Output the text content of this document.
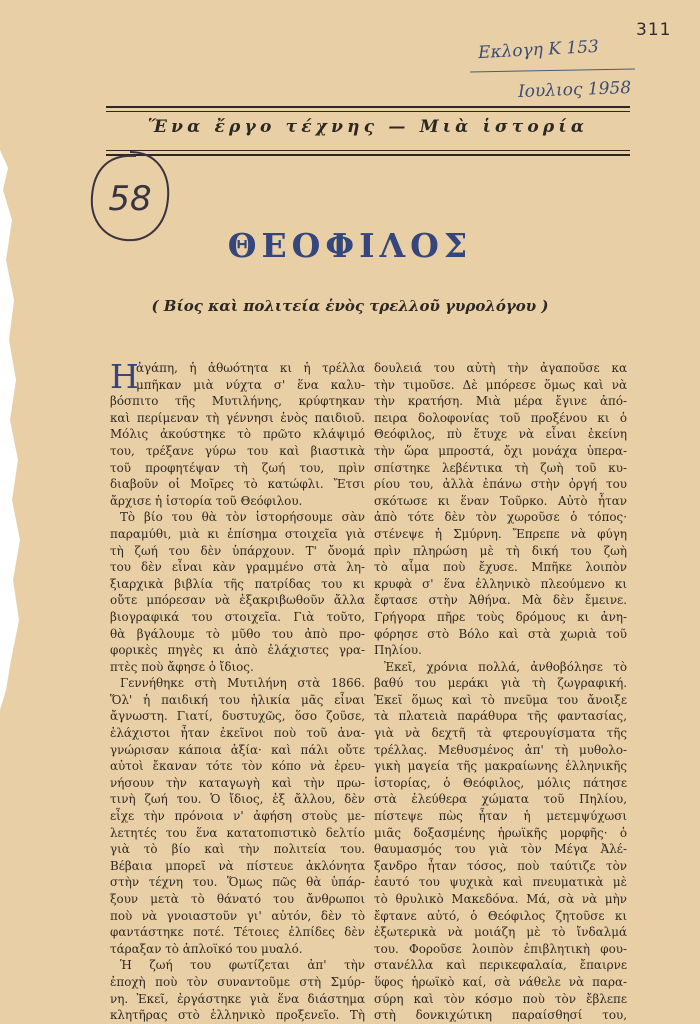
311
Εκλογη Κ 153
Ιουλιος 1958
Ἕνα ἔργο τέχνης — Μιὰ ἱστορία
58
ΘΕΟΦΙΛΟΣ
( Βίος καὶ πολιτεία ἑνὸς τρελλοῦ γυρολόγου )
Η
ἀγάπη, ἡ ἀθωότητα κι ἡ τρέλλα
μπῆκαν μιὰ νύχτα σ' ἕνα καλυ-
βόσπιτο τῆς Μυτιλήνης, κρύφτηκαν
καὶ περίμεναν τὴ γέννησι ἑνὸς παιδιοῦ.
Μόλις ἀκούστηκε τὸ πρῶτο κλάψιμό
του, τρέξανε γύρω του καὶ βιαστικὰ
τοῦ προφητέψαν τὴ ζωή του, πρὶν
διαβοῦν οἱ Μοῖρες τὸ κατώφλι. Ἔτσι
ἄρχισε ἡ ἱστορία τοῦ Θεόφιλου.
Τὸ βίο του θὰ τὸν ἱστορήσουμε σὰν
παραμύθι, μιὰ κι ἐπίσημα στοιχεῖα γιὰ
τὴ ζωή του δὲν ὑπάρχουν. Τ' ὄνομά
του δὲν εἶναι κὰν γραμμένο στὰ λη-
ξιαρχικὰ βιβλία τῆς πατρίδας του κι
οὔτε μπόρεσαν νὰ ἐξακριβωθοῦν ἄλλα
βιογραφικά του στοιχεῖα. Γιὰ τοῦτο,
θὰ βγάλουμε τὸ μῦθο του ἀπὸ προ-
φορικὲς πηγὲς κι ἀπὸ ἐλάχιστες γρα-
πτὲς ποὺ ἄφησε ὁ ἴδιος.
Γεννήθηκε στὴ Μυτιλήνη στὰ 1866.
Ὅλ' ἡ παιδική του ἡλικία μᾶς εἶναι
ἄγνωστη. Γιατί, δυστυχῶς, ὅσο ζοῦσε,
ἐλάχιστοι ἦταν ἐκεῖνοι ποὺ τοῦ ἀνα-
γνώρισαν κάποια ἀξία· καὶ πάλι οὔτε
αὐτοὶ ἔκαναν τότε τὸν κόπο νὰ ἐρευ-
νήσουν τὴν καταγωγὴ καὶ τὴν πρω-
τινὴ ζωή του. Ὁ ἴδιος, ἐξ ἄλλου, δὲν
εἶχε τὴν πρόνοια ν' ἀφήση στοὺς με-
λετητές του ἕνα κατατοπιστικὸ δελτίο
γιὰ τὸ βίο καὶ τὴν πολιτεία του.
Βέβαια μπορεῖ νὰ πίστευε ἀκλόνητα
στὴν τέχνη του. Ὅμως πῶς θὰ ὑπάρ-
ξουν μετὰ τὸ θάνατό του ἄνθρωποι
ποὺ νὰ γνοιαστοῦν γι' αὐτόν, δὲν τὸ
φαντάστηκε ποτέ. Τέτοιες ἐλπίδες δὲν
τάραξαν τὸ ἁπλοϊκό του μυαλό.
Ἡ ζωή του φωτίζεται ἀπ' τὴν
ἐποχὴ ποὺ τὸν συναντοῦμε στὴ Σμύρ-
νη. Ἐκεῖ, ἐργάστηκε γιὰ ἕνα διάστημα
κλητῆρας στὸ ἑλληνικὸ προξενεῖο. Τὴ
δουλειά του αὐτὴ τὴν ἀγαποῦσε κα
τὴν τιμοῦσε. Δὲ μπόρεσε ὅμως καὶ νὰ
τὴν κρατήση. Μιὰ μέρα ἔγινε ἀπό-
πειρα δολοφονίας τοῦ προξένου κι ὁ
Θεόφιλος, πὺ ἔτυχε νὰ εἶναι ἐκείνη
τὴν ὥρα μπροστά, ὄχι μονάχα ὑπερα-
σπίστηκε λεβέντικα τὴ ζωὴ τοῦ κυ-
ρίου του, ἀλλὰ ἐπάνω στὴν ὀργή του
σκότωσε κι ἕναν Τοῦρκο. Αὐτὸ ἦταν
ἀπὸ τότε δὲν τὸν χωροῦσε ὁ τόπος·
στένεψε ἡ Σμύρνη. Ἔπρεπε νὰ φύγη
πρὶν πληρώση μὲ τὴ δική του ζωὴ
τὸ αἷμα ποὺ ἔχυσε. Μπῆκε λοιπὸν
κρυφὰ σ' ἕνα ἑλληνικὸ πλεούμενο κι
ἔφτασε στὴν Ἀθήνα. Μὰ δὲν ἔμεινε.
Γρήγορα πῆρε τοὺς δρόμους κι ἀνη-
φόρησε στὸ Βόλο καὶ στὰ χωριὰ τοῦ
Πηλίου.
Ἐκεῖ, χρόνια πολλά, ἀνθοβόλησε τὸ
βαθύ του μεράκι γιὰ τὴ ζωγραφική.
Ἐκεῖ ὅμως καὶ τὸ πνεῦμα του ἄνοιξε
τὰ πλατειὰ παράθυρα τῆς φαντασίας,
γιὰ νὰ δεχτῆ τὰ φτερουγίσματα τῆς
τρέλλας. Μεθυσμένος ἀπ' τὴ μυθολο-
γικὴ μαγεία τῆς μακραίωνης ἑλληνικῆς
ἱστορίας, ὁ Θεόφιλος, μόλις πάτησε
στὰ ἐλεύθερα χώματα τοῦ Πηλίου,
πίστεψε πὼς ἦταν ἡ μετεμψύχωσι
μιᾶς δοξασμένης ἡρωϊκῆς μορφῆς· ὁ
θαυμασμός του γιὰ τὸν Μέγα Ἀλέ-
ξανδρο ἦταν τόσος, ποὺ ταύτιζε τὸν
ἑαυτό του ψυχικὰ καὶ πνευματικὰ μὲ
τὸ θρυλικὸ Μακεδόνα. Μά, σὰ νὰ μὴν
ἔφτανε αὐτό, ὁ Θεόφιλος ζητοῦσε κι
ἐξωτερικὰ νὰ μοιάζη μὲ τὸ ἴνδαλμά
του. Φοροῦσε λοιπὸν ἐπιβλητικὴ φου-
στανέλλα καὶ περικεφαλαία, ἔπαιρνε
ὕφος ἡρωϊκὸ καί, σὰ νάθελε νὰ παρα-
σύρη καὶ τὸν κόσμο ποὺ τὸν ἔβλεπε
στὴ δονκιχώτικη παραίσθησί του,
